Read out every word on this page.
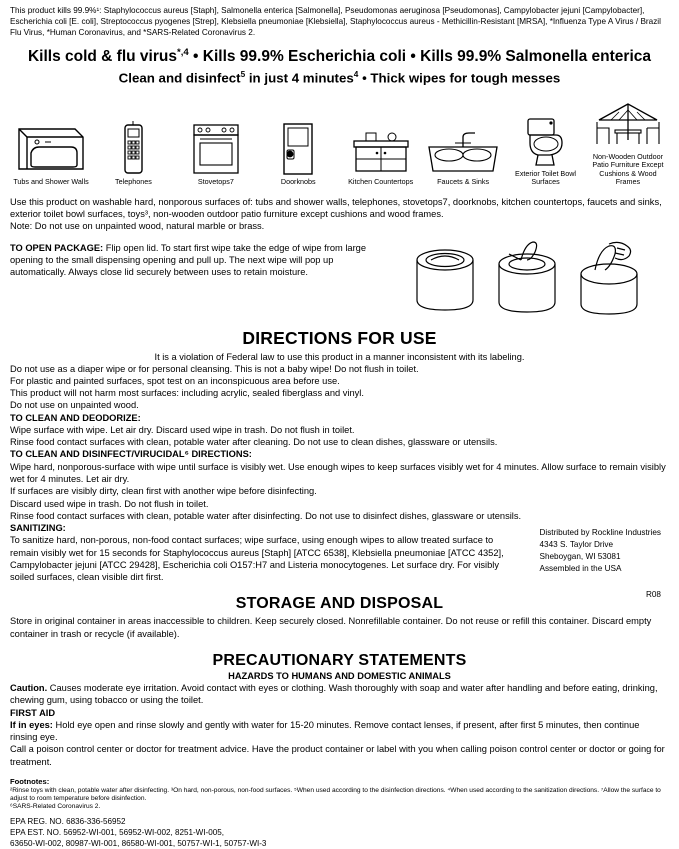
This product kills 99.9%¹: Staphylococcus aureus [Staph], Salmonella enterica [Salmonella], Pseudomonas aeruginosa [Pseudomonas], Campylobacter jejuni [Campylobacter], Escherichia coli [E. coli], Streptococcus pyogenes [Strep], Klebsiella pneumoniae [Klebsiella], Staphylococcus aureus - Methicillin-Resistant [MRSA], *Influenza Type A Virus / Brazil Flu Virus, *Human Coronavirus, and *SARS-Related Coronavirus 2.
Kills cold & flu virus$^{*,4}$ • Kills 99.9% Escherichia coli • Kills 99.9% Salmonella enterica
Clean and disinfect$^5$ in just 4 minutes$^4$ • Thick wipes for tough messes
Tubs and Shower Walls	Telephones	Stovetops7	Doorknobs	Kitchen Countertops	Faucets & Sinks
Exterior Toilet Bowl Surfaces
Non-Wooden Outdoor Patio Furniture Except Cushions & Wood Frames
Use this product on washable hard, nonporous surfaces of: tubs and shower walls, telephones, stovetops7, doorknobs, kitchen countertops, faucets and sinks, exterior toilet bowl surfaces, toys³, non-wooden outdoor patio furniture except cushions and wood frames.
Note: Do not use on unpainted wood, natural marble or brass.
TO OPEN PACKAGE: Flip open lid. To start first wipe take the edge of wipe from large opening to the small dispensing opening and pull up. The next wipe will pop up automatically. Always close lid securely between uses to retain moisture.
DIRECTIONS FOR USE
It is a violation of Federal law to use this product in a manner inconsistent with its labeling.

Do not use as a diaper wipe or for personal cleansing. This is not a baby wipe! Do not flush in toilet.

For plastic and painted surfaces, spot test on an inconspicuous area before use.

This product will not harm most surfaces: including acrylic, sealed fiberglass and vinyl.

Do not use on unpainted wood.

TO CLEAN AND DEODORIZE:

Wipe surface with wipe. Let air dry. Discard used wipe in trash. Do not flush in toilet.

Rinse food contact surfaces with clean, potable water after cleaning. Do not use to clean dishes, glassware or utensils.

TO CLEAN AND DISINFECT/VIRUCIDAL⁶ DIRECTIONS:

Wipe hard, nonporous-surface with wipe until surface is visibly wet. Use enough wipes to keep surfaces visibly wet for 4 minutes. Allow surface to remain visibly wet for 4 minutes. Let air dry.

If surfaces are visibly dirty, clean first with another wipe before disinfecting.

Discard used wipe in trash. Do not flush in toilet.

Rinse food contact surfaces with clean, potable water after disinfecting. Do not use to disinfect dishes, glassware or utensils.

SANITIZING:

To sanitize hard, non-porous, non-food contact surfaces; wipe surface, using enough wipes to allow treated surface to remain visibly wet for 15 seconds for Staphylococcus aureus [Staph] [ATCC 6538], Klebsiella pneumoniae [ATCC 4352], Campylobacter jejuni [ATCC 29428], Escherichia coli O157:H7 and Listeria monocytogenes. Let surface dry. For visibly soiled surfaces, clean visible dirt first.

Distributed by Rockline Industries
4343 S. Taylor Drive
Sheboygan, WI 53081
Assembled in the USA
R08
STORAGE AND DISPOSAL

Store in original container in areas inaccessible to children. Keep securely closed. Nonrefillable container. Do not reuse or refill this container. Discard empty container in trash or recycle (if available).

PRECAUTIONARY STATEMENTS
HAZARDS TO HUMANS AND DOMESTIC ANIMALS

Caution. Causes moderate eye irritation. Avoid contact with eyes or clothing. Wash thoroughly with soap and water after handling and before eating, drinking, chewing gum, using tobacco or using the toilet.

FIRST AID

If in eyes: Hold eye open and rinse slowly and gently with water for 15-20 minutes. Remove contact lenses, if present, after first 5 minutes, then continue rinsing eye.

Call a poison control center or doctor for treatment advice. Have the product container or label with you when calling poison control center or doctor or going for treatment.

Footnotes:
²Rinse toys with clean, potable water after disinfecting. ³On hard, non-porous, non-food surfaces. ⁵When used according to the disinfection directions. ⁴When used according to the sanitization directions. ⁷Allow the surface to adjust to room temperature before disinfection.
⁶SARS-Related Coronavirus 2.
EPA REG. NO. 6836-336-56952
EPA EST. NO. 56952-WI-001, 56952-WI-002, 8251-WI-005,
63650-WI-002, 80987-WI-001, 86580-WI-001, 50757-WI-1, 50757-WI-3
